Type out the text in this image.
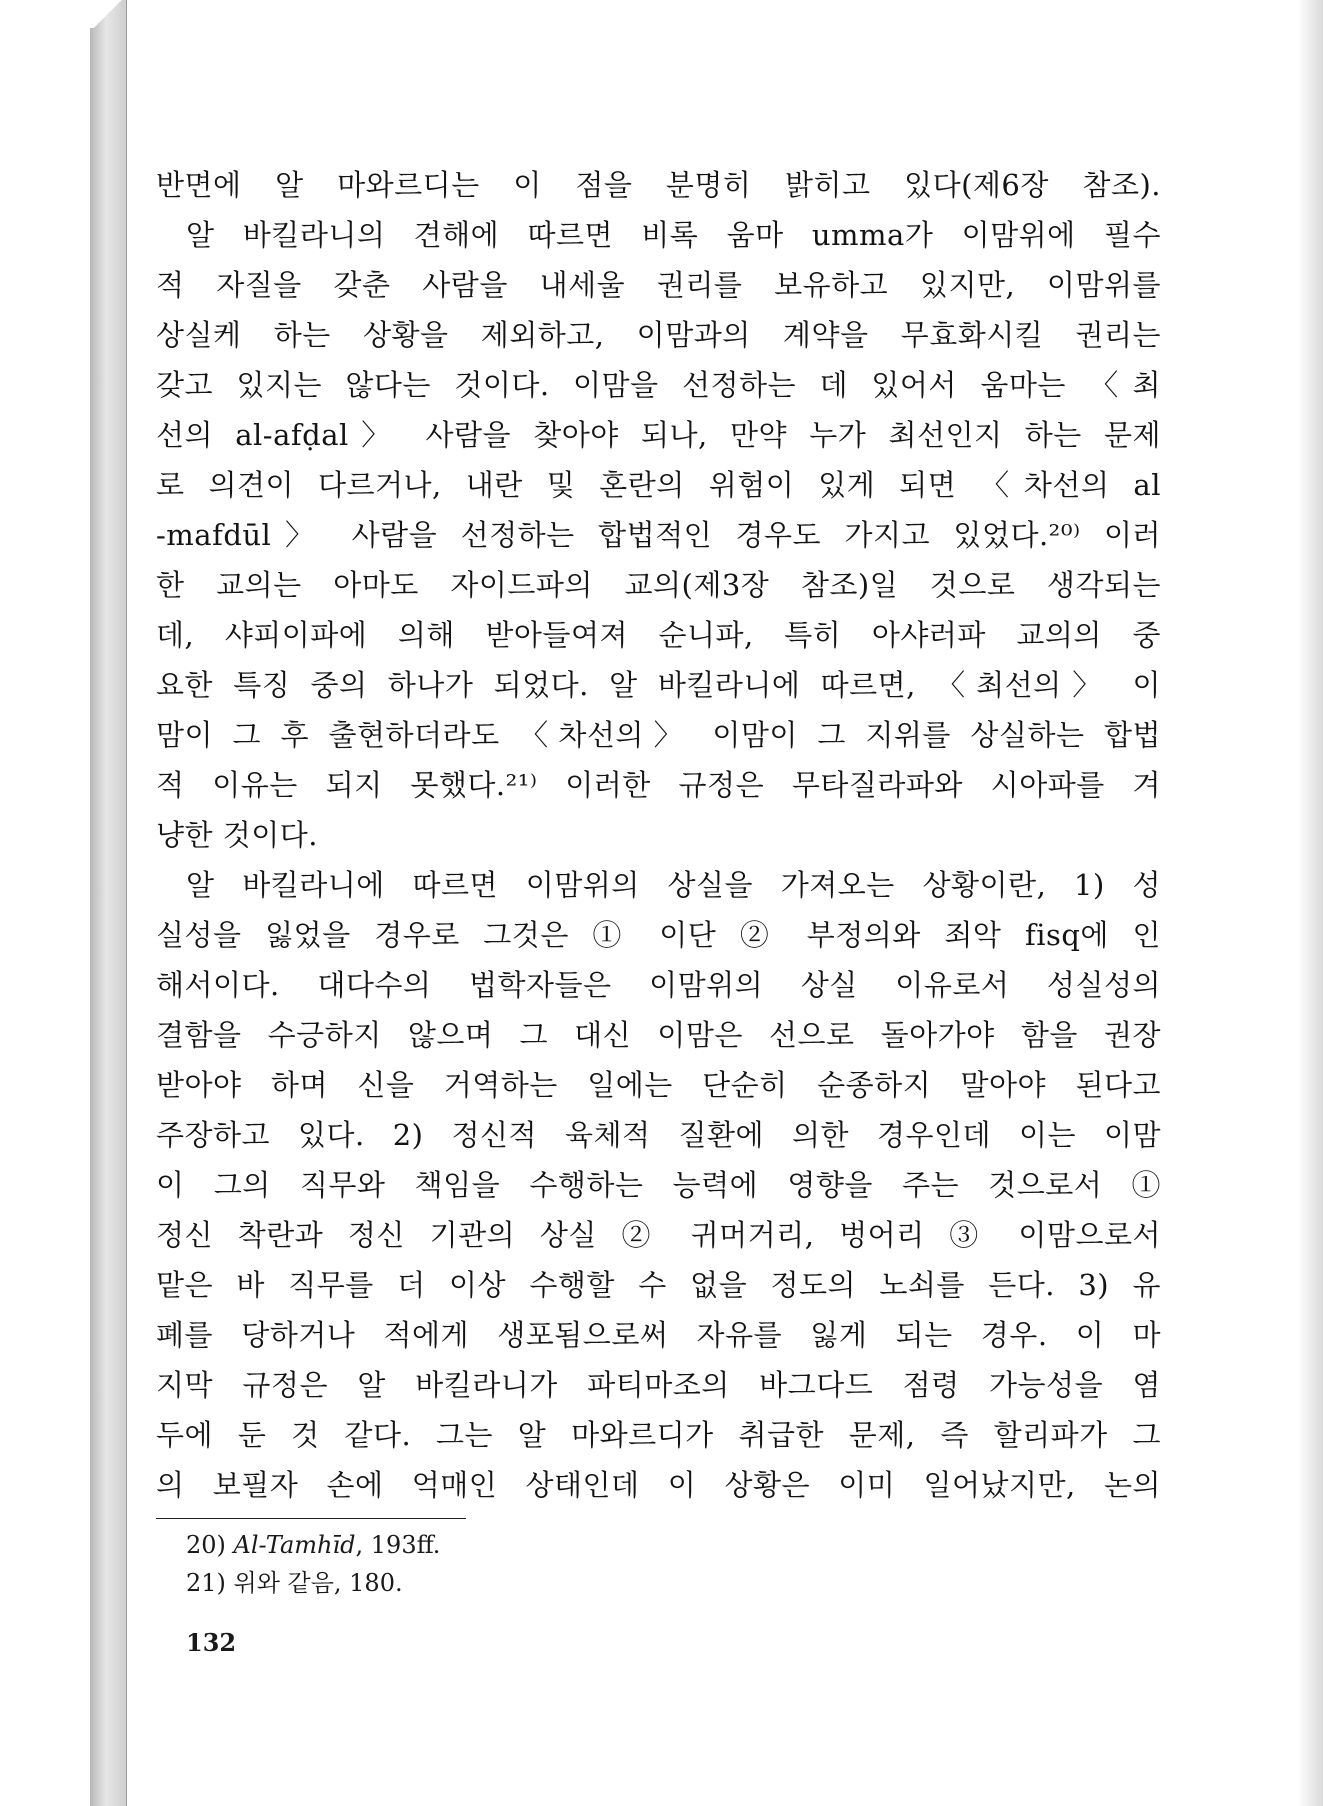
반면에 알 마와르디는 이 점을 분명히 밝히고 있다(제6장 참조).
알 바킬라니의 견해에 따르면 비록 움마 umma가 이맘위에 필수
적 자질을 갖춘 사람을 내세울 권리를 보유하고 있지만, 이맘위를
상실케 하는 상황을 제외하고, 이맘과의 계약을 무효화시킬 권리는
갖고 있지는 않다는 것이다. 이맘을 선정하는 데 있어서 움마는 〈최
선의 al-afḍal〉 사람을 찾아야 되나, 만약 누가 최선인지 하는 문제
로 의견이 다르거나, 내란 및 혼란의 위험이 있게 되면 〈차선의 al
-mafdūl〉 사람을 선정하는 합법적인 경우도 가지고 있었다.²⁰⁾ 이러
한 교의는 아마도 자이드파의 교의(제3장 참조)일 것으로 생각되는
데, 샤피이파에 의해 받아들여져 순니파, 특히 아샤러파 교의의 중
요한 특징 중의 하나가 되었다. 알 바킬라니에 따르면, 〈최선의〉 이
맘이 그 후 출현하더라도 〈차선의〉 이맘이 그 지위를 상실하는 합법
적 이유는 되지 못했다.²¹⁾ 이러한 규정은 무타질라파와 시아파를 겨
냥한 것이다.
알 바킬라니에 따르면 이맘위의 상실을 가져오는 상황이란, 1) 성
실성을 잃었을 경우로 그것은 ① 이단 ② 부정의와 죄악 fisq에 인
해서이다. 대다수의 법학자들은 이맘위의 상실 이유로서 성실성의
결함을 수긍하지 않으며 그 대신 이맘은 선으로 돌아가야 함을 권장
받아야 하며 신을 거역하는 일에는 단순히 순종하지 말아야 된다고
주장하고 있다. 2) 정신적 육체적 질환에 의한 경우인데 이는 이맘
이 그의 직무와 책임을 수행하는 능력에 영향을 주는 것으로서 ①
정신 착란과 정신 기관의 상실 ② 귀머거리, 벙어리 ③ 이맘으로서
맡은 바 직무를 더 이상 수행할 수 없을 정도의 노쇠를 든다. 3) 유
폐를 당하거나 적에게 생포됨으로써 자유를 잃게 되는 경우. 이 마
지막 규정은 알 바킬라니가 파티마조의 바그다드 점령 가능성을 염
두에 둔 것 같다. 그는 알 마와르디가 취급한 문제, 즉 할리파가 그
의 보필자 손에 억매인 상태인데 이 상황은 이미 일어났지만, 논의
20) Al-Tamhīd, 193ff.
21) 위와 같음, 180.
132
